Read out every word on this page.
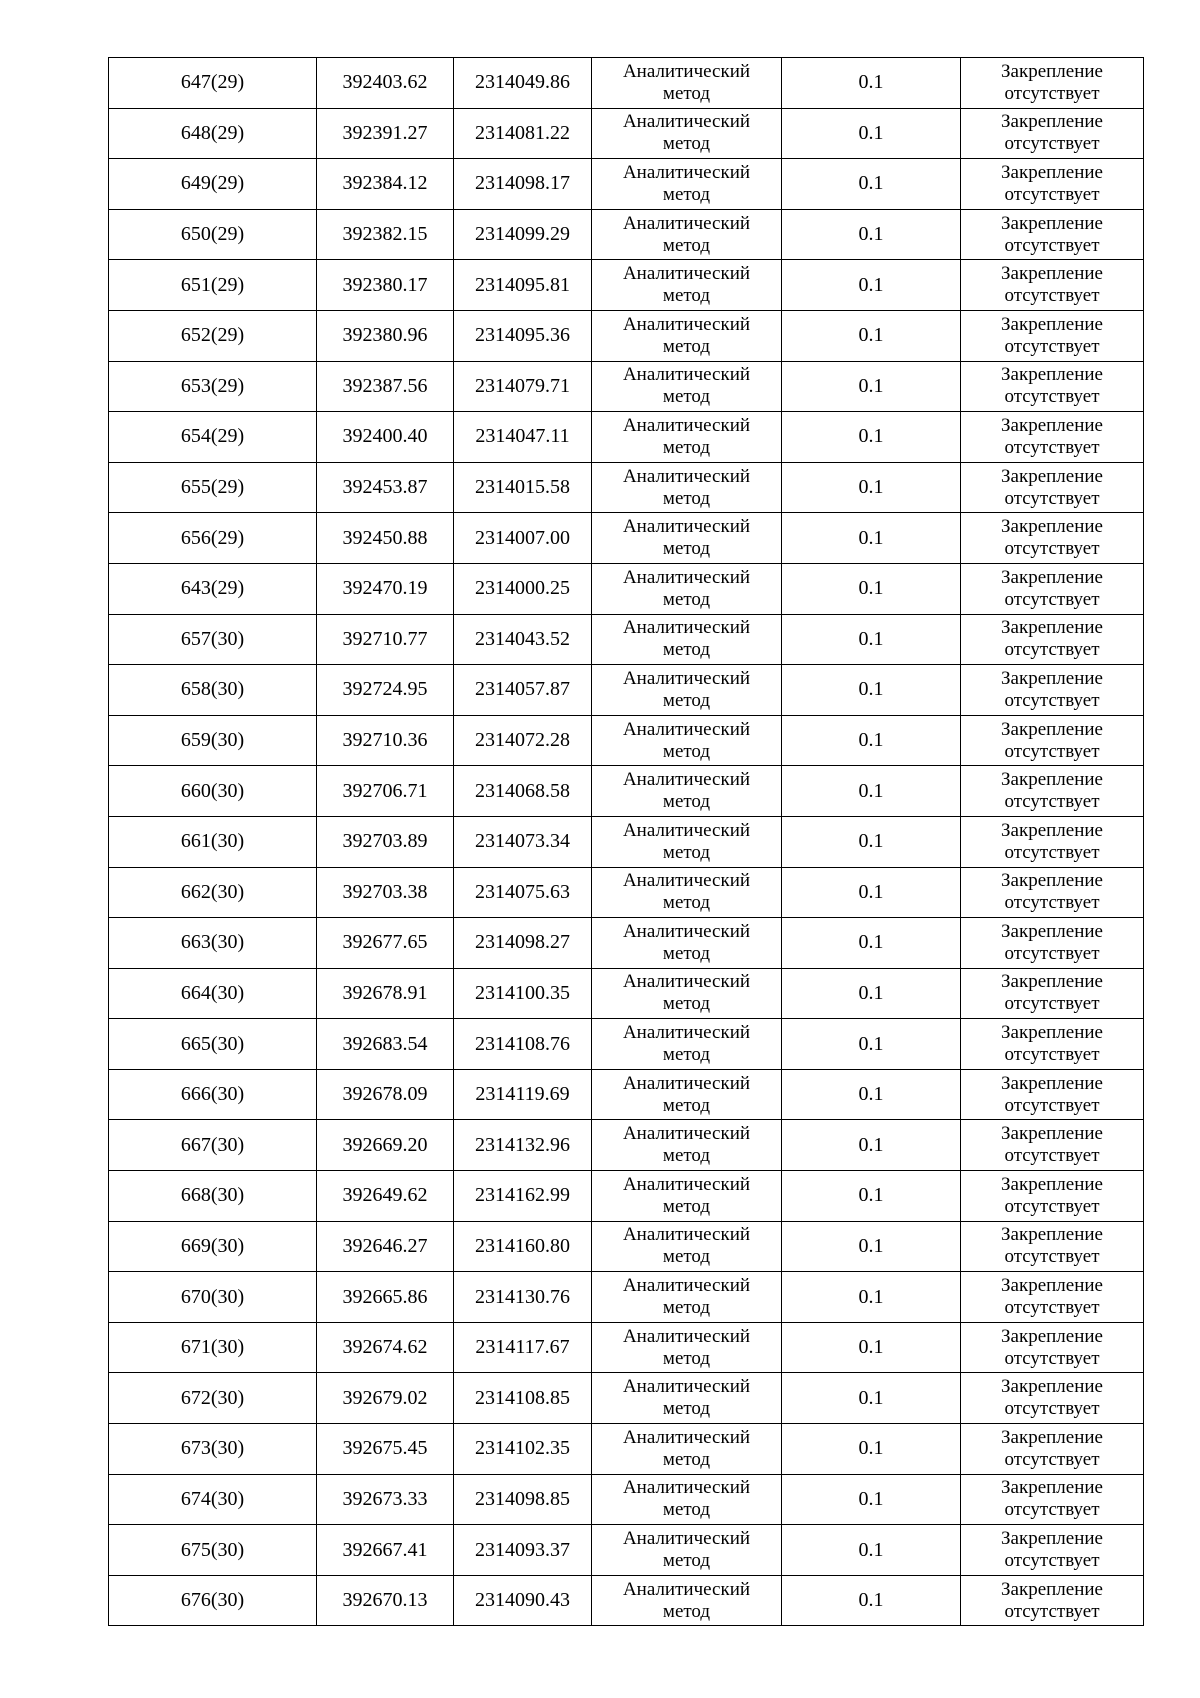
647(29)	392403.62	2314049.86	Аналитический
метод	0.1	Закрепление
отсутствует
648(29)	392391.27	2314081.22	Аналитический
метод	0.1	Закрепление
отсутствует
649(29)	392384.12	2314098.17	Аналитический
метод	0.1	Закрепление
отсутствует
650(29)	392382.15	2314099.29	Аналитический
метод	0.1	Закрепление
отсутствует
651(29)	392380.17	2314095.81	Аналитический
метод	0.1	Закрепление
отсутствует
652(29)	392380.96	2314095.36	Аналитический
метод	0.1	Закрепление
отсутствует
653(29)	392387.56	2314079.71	Аналитический
метод	0.1	Закрепление
отсутствует
654(29)	392400.40	2314047.11	Аналитический
метод	0.1	Закрепление
отсутствует
655(29)	392453.87	2314015.58	Аналитический
метод	0.1	Закрепление
отсутствует
656(29)	392450.88	2314007.00	Аналитический
метод	0.1	Закрепление
отсутствует
643(29)	392470.19	2314000.25	Аналитический
метод	0.1	Закрепление
отсутствует
657(30)	392710.77	2314043.52	Аналитический
метод	0.1	Закрепление
отсутствует
658(30)	392724.95	2314057.87	Аналитический
метод	0.1	Закрепление
отсутствует
659(30)	392710.36	2314072.28	Аналитический
метод	0.1	Закрепление
отсутствует
660(30)	392706.71	2314068.58	Аналитический
метод	0.1	Закрепление
отсутствует
661(30)	392703.89	2314073.34	Аналитический
метод	0.1	Закрепление
отсутствует
662(30)	392703.38	2314075.63	Аналитический
метод	0.1	Закрепление
отсутствует
663(30)	392677.65	2314098.27	Аналитический
метод	0.1	Закрепление
отсутствует
664(30)	392678.91	2314100.35	Аналитический
метод	0.1	Закрепление
отсутствует
665(30)	392683.54	2314108.76	Аналитический
метод	0.1	Закрепление
отсутствует
666(30)	392678.09	2314119.69	Аналитический
метод	0.1	Закрепление
отсутствует
667(30)	392669.20	2314132.96	Аналитический
метод	0.1	Закрепление
отсутствует
668(30)	392649.62	2314162.99	Аналитический
метод	0.1	Закрепление
отсутствует
669(30)	392646.27	2314160.80	Аналитический
метод	0.1	Закрепление
отсутствует
670(30)	392665.86	2314130.76	Аналитический
метод	0.1	Закрепление
отсутствует
671(30)	392674.62	2314117.67	Аналитический
метод	0.1	Закрепление
отсутствует
672(30)	392679.02	2314108.85	Аналитический
метод	0.1	Закрепление
отсутствует
673(30)	392675.45	2314102.35	Аналитический
метод	0.1	Закрепление
отсутствует
674(30)	392673.33	2314098.85	Аналитический
метод	0.1	Закрепление
отсутствует
675(30)	392667.41	2314093.37	Аналитический
метод	0.1	Закрепление
отсутствует
676(30)	392670.13	2314090.43	Аналитический
метод	0.1	Закрепление
отсутствует
